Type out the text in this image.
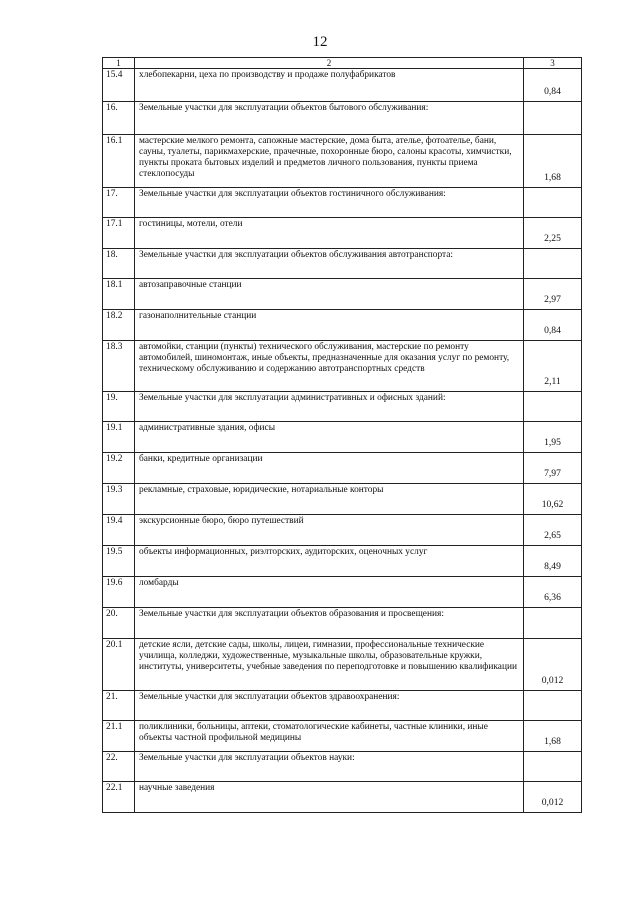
12
1	2	3
15.4	хлебопекарни, цеха по производству и продаже полуфабрикатов	0,84
16.	Земельные участки для эксплуатации объектов бытового обслуживания:	
16.1	мастерские мелкого ремонта, сапожные мастерские, дома быта, ателье, фотоателье, бани, сауны, туалеты, парикмахерские, прачечные, похоронные бюро, салоны красоты, химчистки, пункты проката бытовых изделий и предметов личного пользования, пункты приема стеклопосуды	1,68
17.	Земельные участки для эксплуатации объектов гостиничного обслуживания:	
17.1	гостиницы, мотели, отели	2,25
18.	Земельные участки для эксплуатации объектов обслуживания автотранспорта:	
18.1	автозаправочные станции	2,97
18.2	газонаполнительные станции	0,84
18.3	автомойки, станции (пункты) технического обслуживания, мастерские по ремонту автомобилей, шиномонтаж, иные объекты, предназначенные для оказания услуг по ремонту, техническому обслуживанию и содержанию автотранспортных средств	2,11
19.	Земельные участки для эксплуатации административных и офисных зданий:	
19.1	административные здания, офисы	1,95
19.2	банки, кредитные организации	7,97
19.3	рекламные, страховые, юридические, нотариальные конторы	10,62
19.4	экскурсионные бюро, бюро путешествий	2,65
19.5	объекты информационных, риэлторских, аудиторских, оценочных услуг	8,49
19.6	ломбарды	6,36
20.	Земельные участки для эксплуатации объектов образования и просвещения:	
20.1	детские ясли, детские сады, школы, лицеи, гимназии, профессиональные технические училища, колледжи, художественные, музыкальные школы, образовательные кружки, институты, университеты, учебные заведения по переподготовке и повышению квалификации	0,012
21.	Земельные участки для эксплуатации объектов здравоохранения:	
21.1	поликлиники, больницы, аптеки, стоматологические кабинеты, частные клиники, иные объекты частной профильной медицины	1,68
22.	Земельные участки для эксплуатации объектов науки:	
22.1	научные заведения	0,012
